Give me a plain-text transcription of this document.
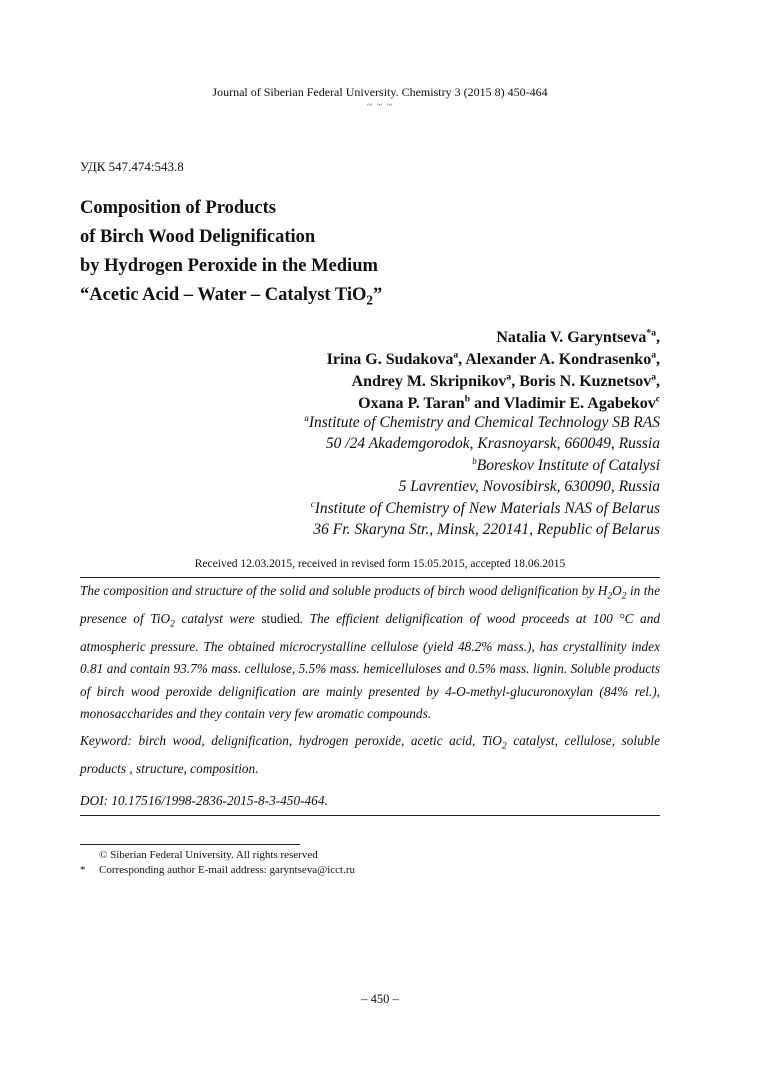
Journal of Siberian Federal University. Chemistry 3 (2015 8) 450-464
~ ~ ~
УДК 547.474:543.8
Composition of Products
of Birch Wood Delignification
by Hydrogen Peroxide in the Medium
“Acetic Acid – Water – Catalyst TiO$_2$”
Natalia V. Garyntseva$^{*a}$,
Irina G. Sudakova$^a$, Alexander A. Kondrasenko$^a$,
Andrey M. Skripnikov$^a$, Boris N. Kuznetsov$^a$,
Oxana P. Taran$^b$ and Vladimir E. Agabekov$^c$
$^a$Institute of Chemistry and Chemical Technology SB RAS
50 /24 Akademgorodok, Krasnoyarsk, 660049, Russia
$^b$Boreskov Institute of Catalysi
5 Lavrentiev, Novosibirsk, 630090, Russia
$^c$Institute of Chemistry of New Materials NAS of Belarus
36 Fr. Skaryna Str., Minsk, 220141, Republic of Belarus
Received 12.03.2015, received in revised form 15.05.2015, accepted 18.06.2015
The composition and structure of the solid and soluble products of birch wood delignification by $H_2O_2$ in the presence of TiO$_2$ catalyst were studied. The efficient delignification of wood proceeds at 100 °C and atmospheric pressure. The obtained microcrystalline cellulose (yield 48.2% mass.), has crystallinity index 0.81 and contain 93.7% mass. cellulose, 5.5% mass. hemicelluloses and 0.5% mass. lignin. Soluble products of birch wood peroxide delignification are mainly presented by 4-O-methyl-glucuronoxylan (84% rel.), monosaccharides and they contain very few aromatic compounds.
Keyword: birch wood, delignification, hydrogen peroxide, acetic acid, TiO$_2$ catalyst, cellulose, soluble products , structure, composition.
DOI: 10.17516/1998-2836-2015-8-3-450-464.
© Siberian Federal University. All rights reserved
* Corresponding author E-mail address: garyntseva@icct.ru
– 450 –
